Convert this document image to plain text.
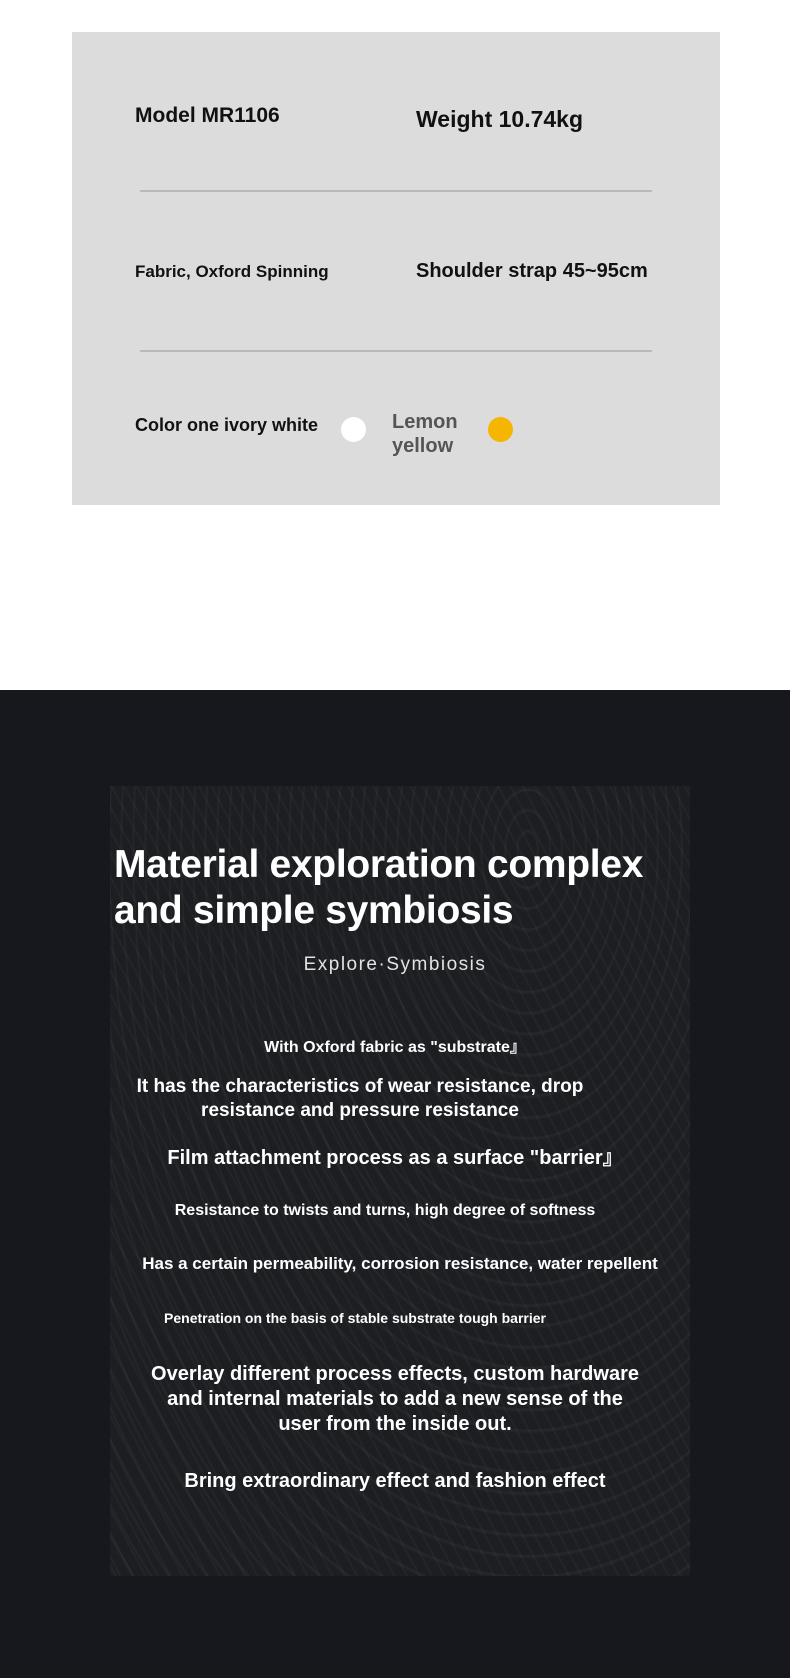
Model MR1106	Weight 10.74kg
Fabric, Oxford Spinning	Shoulder strap 45~95cm
Color one ivory white	Lemon yellow
Material exploration complex and simple symbiosis
Explore·Symbiosis
With Oxford fabric as "substrate』
It has the characteristics of wear resistance, drop resistance and pressure resistance
Film attachment process as a surface "barrier』
Resistance to twists and turns, high degree of softness
Has a certain permeability, corrosion resistance, water repellent
Penetration on the basis of stable substrate tough barrier
Overlay different process effects, custom hardware and internal materials to add a new sense of the user from the inside out.
Bring extraordinary effect and fashion effect
